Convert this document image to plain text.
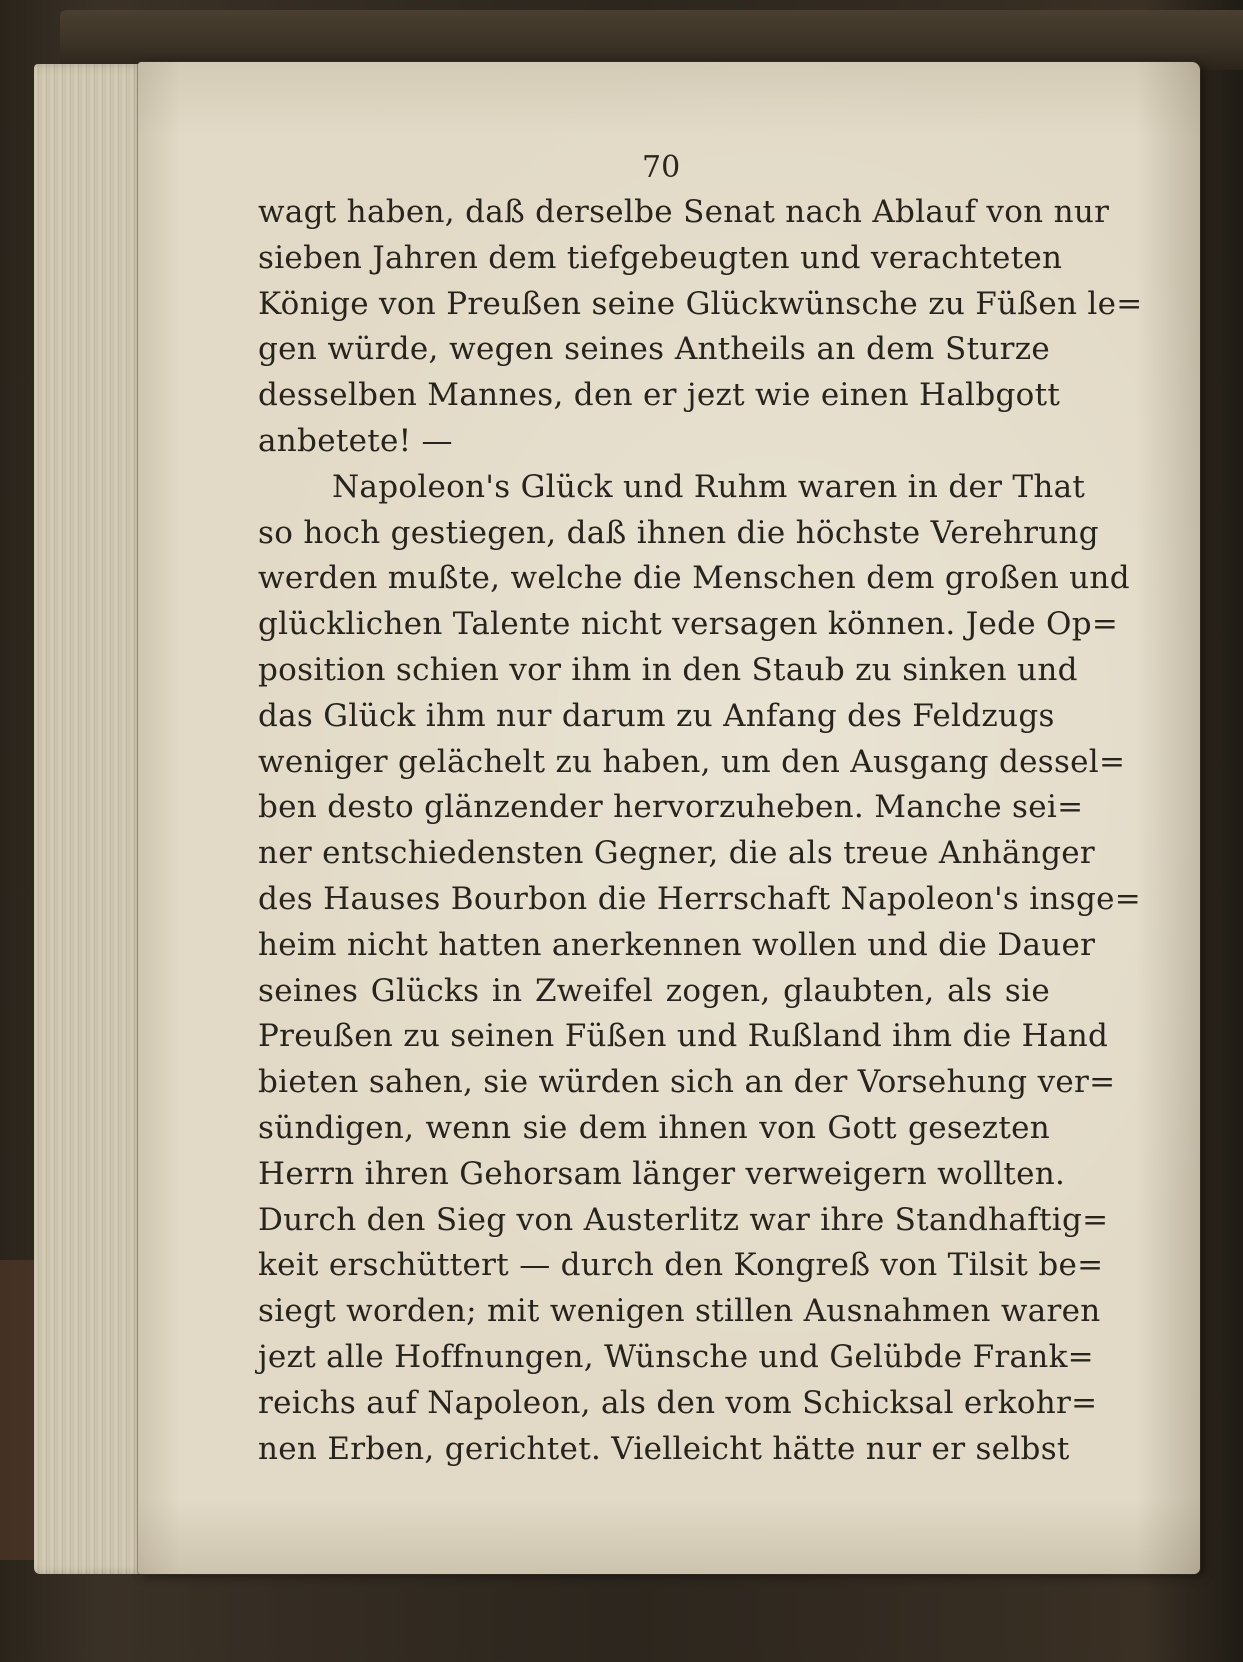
70
wagt haben, daß derselbe Senat nach Ablauf von nur
sieben Jahren dem tiefgebeugten und verachteten
Könige von Preußen seine Glückwünsche zu Füßen le=
gen würde, wegen seines Antheils an dem Sturze
desselben Mannes, den er jezt wie einen Halbgott
anbetete! —
Napoleon's Glück und Ruhm waren in der That
so hoch gestiegen, daß ihnen die höchste Verehrung
werden mußte, welche die Menschen dem großen und
glücklichen Talente nicht versagen können. Jede Op=
position schien vor ihm in den Staub zu sinken und
das Glück ihm nur darum zu Anfang des Feldzugs
weniger gelächelt zu haben, um den Ausgang dessel=
ben desto glänzender hervorzuheben. Manche sei=
ner entschiedensten Gegner, die als treue Anhänger
des Hauses Bourbon die Herrschaft Napoleon's insge=
heim nicht hatten anerkennen wollen und die Dauer
seines Glücks in Zweifel zogen, glaubten, als sie
Preußen zu seinen Füßen und Rußland ihm die Hand
bieten sahen, sie würden sich an der Vorsehung ver=
sündigen, wenn sie dem ihnen von Gott gesezten
Herrn ihren Gehorsam länger verweigern wollten.
Durch den Sieg von Austerlitz war ihre Standhaftig=
keit erschüttert — durch den Kongreß von Tilsit be=
siegt worden; mit wenigen stillen Ausnahmen waren
jezt alle Hoffnungen, Wünsche und Gelübde Frank=
reichs auf Napoleon, als den vom Schicksal erkohr=
nen Erben, gerichtet. Vielleicht hätte nur er selbst
